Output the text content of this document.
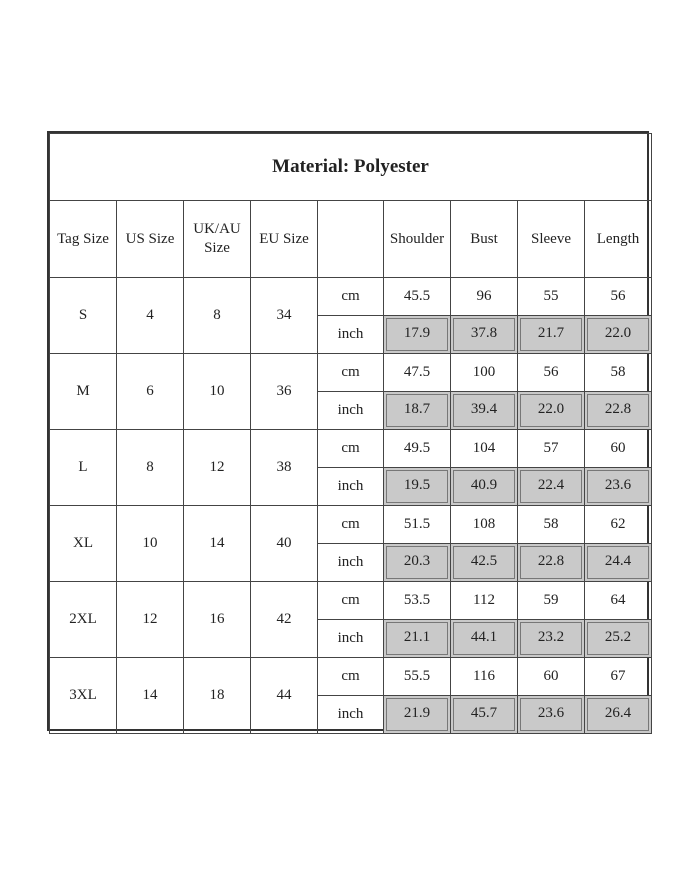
Material: Polyester								
Tag Size	US Size	UK/AU Size	EU Size		Shoulder	Bust	Sleeve	Length
S	4	8	34	cm	45.5	96	55	56
				inch	17.9	37.8	21.7	22.0

M	6	10	36	cm	47.5	100	56	58
				inch	18.7	39.4	22.0	22.8

L	8	12	38	cm	49.5	104	57	60
				inch	19.5	40.9	22.4	23.6

XL	10	14	40	cm	51.5	108	58	62
				inch	20.3	42.5	22.8	24.4

2XL	12	16	42	cm	53.5	112	59	64
				inch	21.1	44.1	23.2	25.2

3XL	14	18	44	cm	55.5	116	60	67
				inch	21.9	45.7	23.6	26.4
